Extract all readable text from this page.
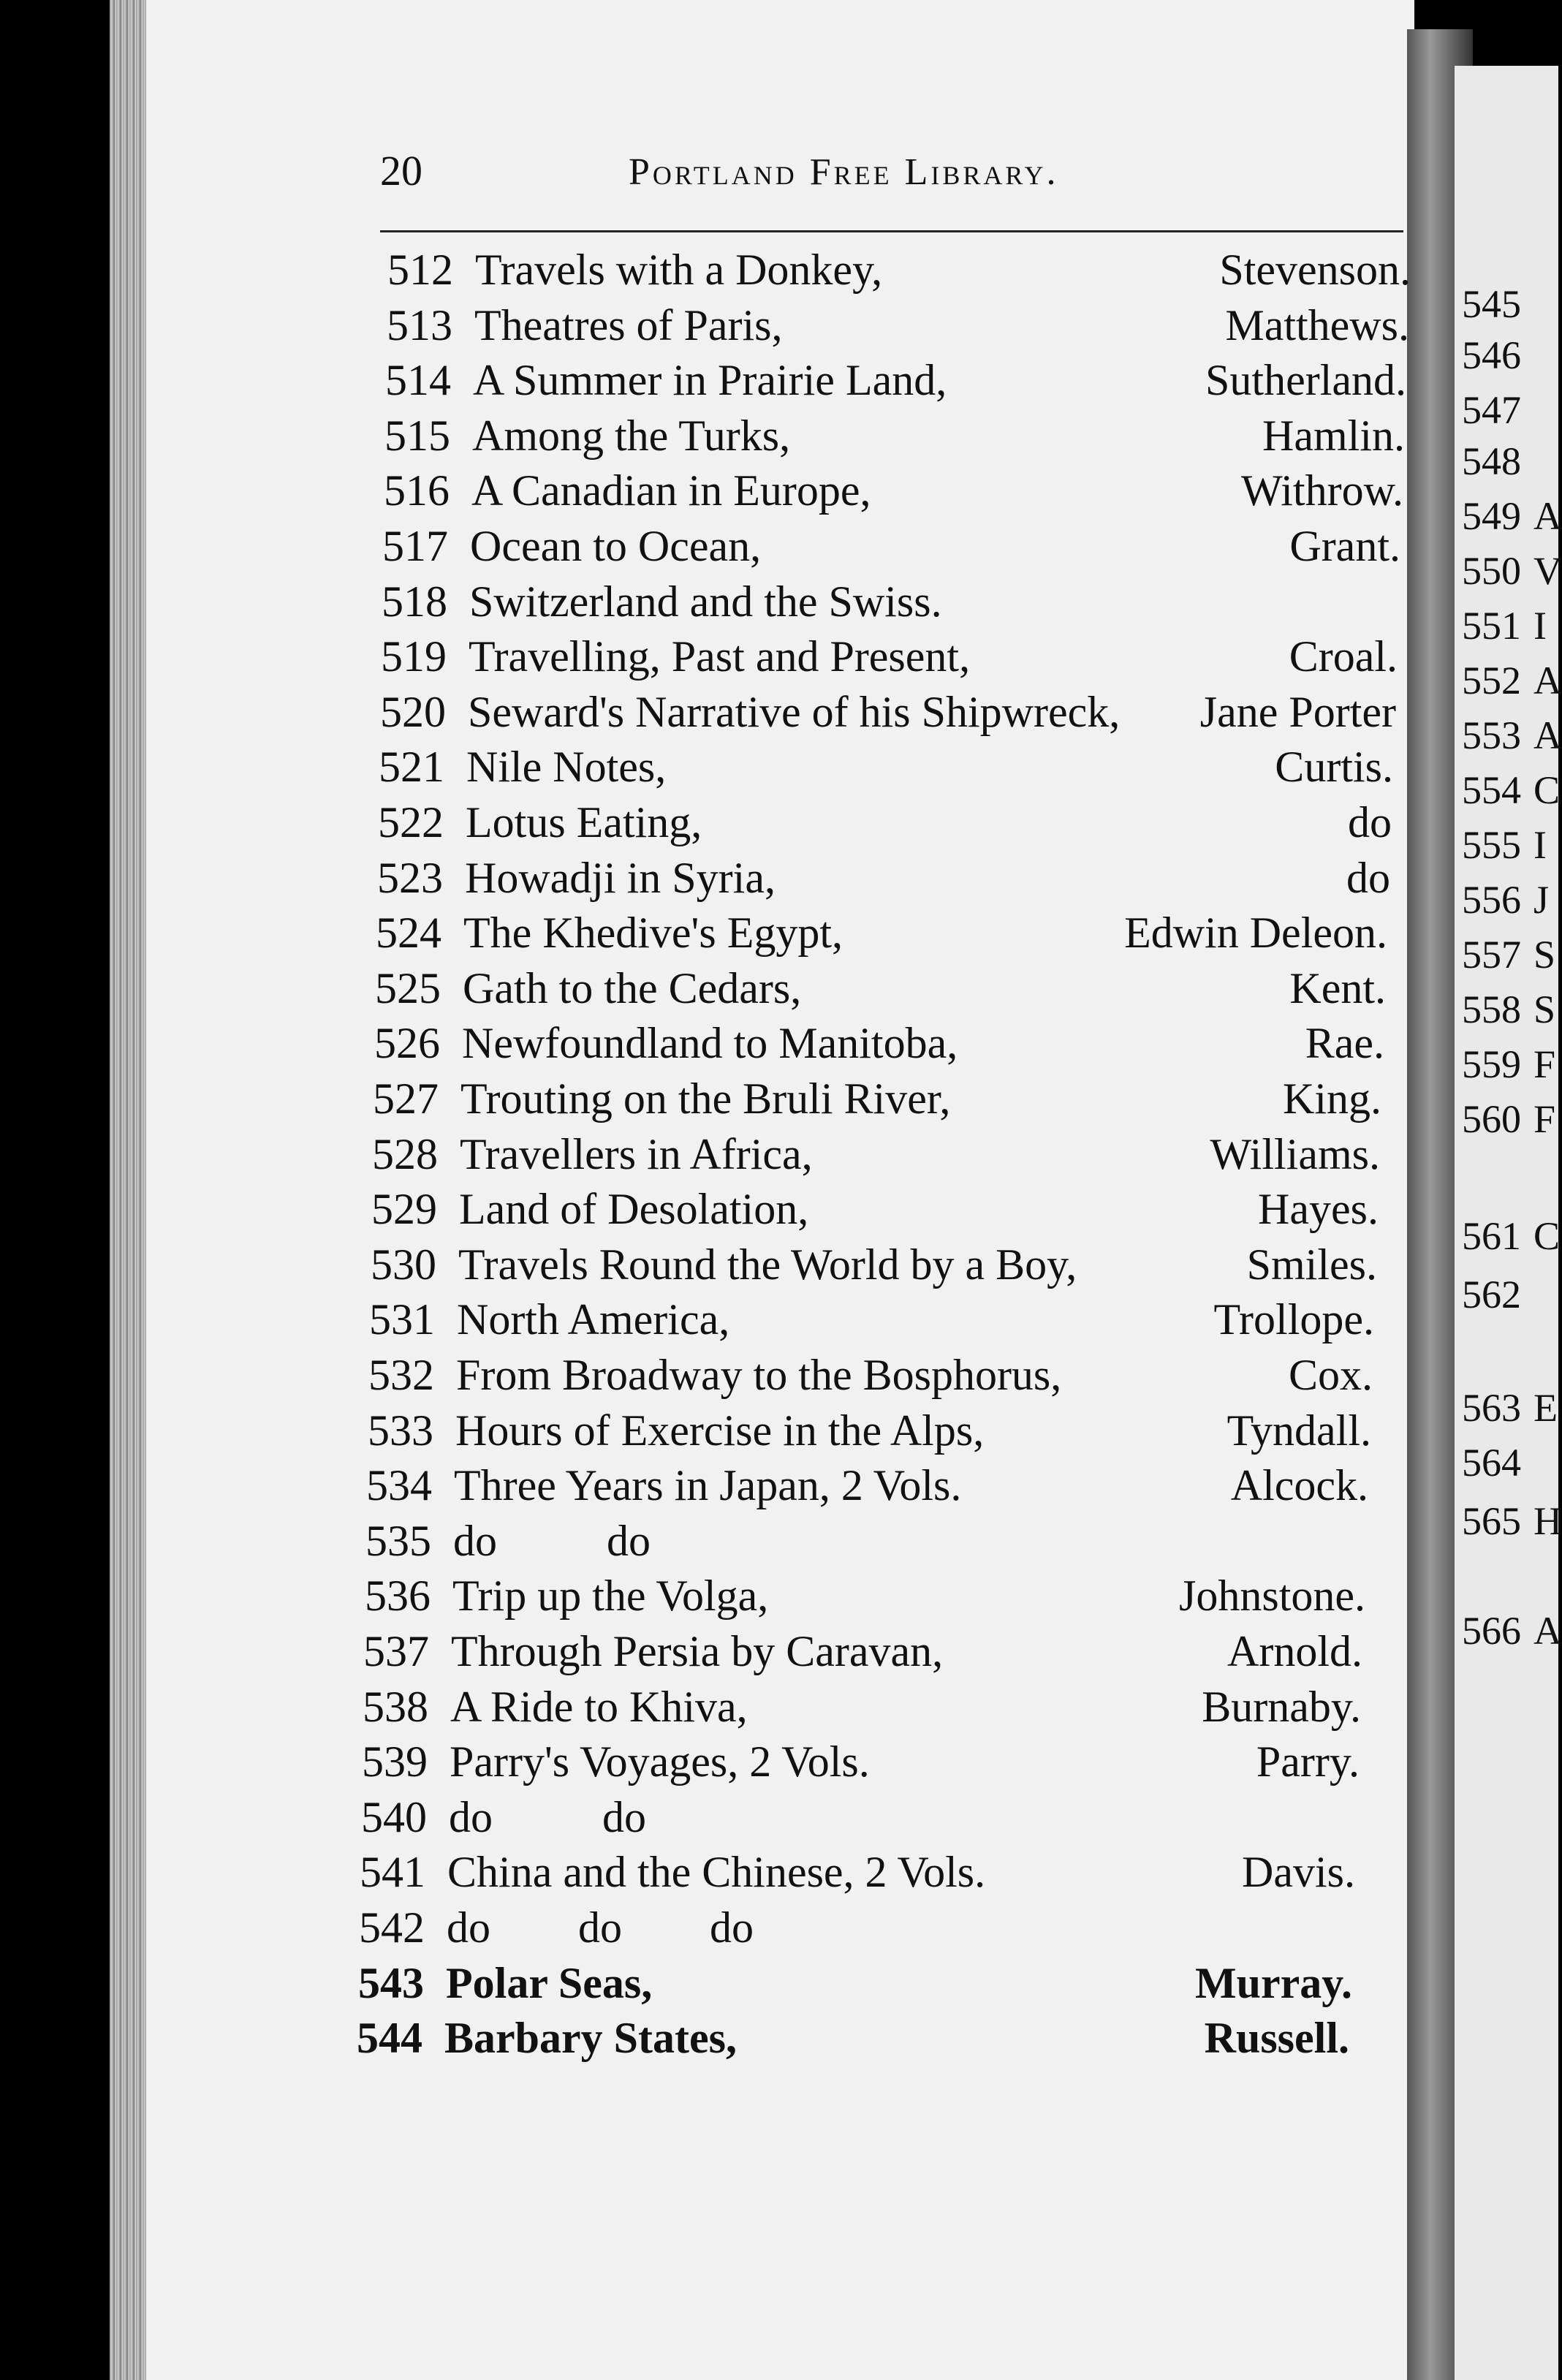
20	Portland Free Library.
512 Travels with a Donkey,	Stevenson.
513 Theatres of Paris,	Matthews.
514 A Summer in Prairie Land,	Sutherland.
515 Among the Turks,	Hamlin.
516 A Canadian in Europe,	Withrow.
517 Ocean to Ocean,	Grant.
518 Switzerland and the Swiss.
519 Travelling, Past and Present,	Croal.
520 Seward's Narrative of his Shipwreck, Jane Porter
521 Nile Notes,	Curtis.
522 Lotus Eating,	do
523 Howadji in Syria,	do
524 The Khedive's Egypt,	Edwin Deleon.
525 Gath to the Cedars,	Kent.
526 Newfoundland to Manitoba,	Rae.
527 Trouting on the Bruli River,	King.
528 Travellers in Africa,	Williams.
529 Land of Desolation,	Hayes.
530 Travels Round the World by a Boy,	Smiles.
531 North America,	Trollope.
532 From Broadway to the Bosphorus,	Cox.
533 Hours of Exercise in the Alps,	Tyndall.
534 Three Years in Japan, 2 Vols.	Alcock.
535 do          do
536 Trip up the Volga,	Johnstone.
537 Through Persia by Caravan,	Arnold.
538 A Ride to Khiva,	Burnaby.
539 Parry's Voyages, 2 Vols.	Parry.
540 do          do
541 China and the Chinese, 2 Vols.	Davis.
542 do        do        do
543 Polar Seas,	Murray.
544 Barbary States,	Russell.
545
546
547
548
549 A
550 V
551 I
552 A
553 A
554 C
555 I
556 J
557 S
558 S
559 F
560 F
561 C
562
563 E
564
565 H
566 A
